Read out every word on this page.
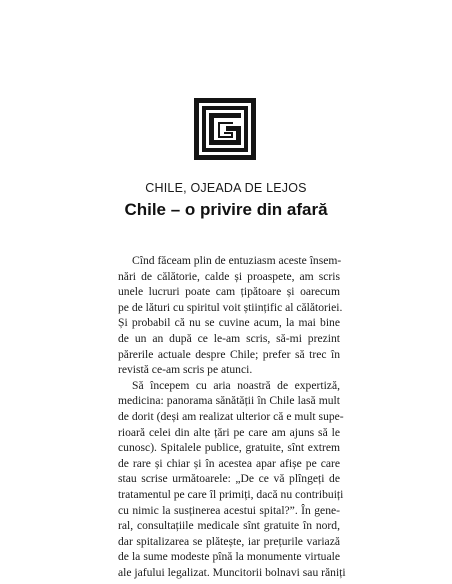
CHILE, OJEADA DE LEJOS
Chile – o privire din afară
Cînd făceam plin de entuziasm aceste însem-
nări de călătorie, calde și proaspete, am scris
unele lucruri poate cam țipătoare și oarecum
pe de lături cu spiritul voit științific al călătoriei.
Și probabil că nu se cuvine acum, la mai bine
de un an după ce le-am scris, să-mi prezint
părerile actuale despre Chile; prefer să trec în
revistă ce-am scris pe atunci.
Să începem cu aria noastră de expertiză,
medicina: panorama sănătății în Chile lasă mult
de dorit (deși am realizat ulterior că e mult supe-
rioară celei din alte țări pe care am ajuns să le
cunosc). Spitalele publice, gratuite, sînt extrem
de rare și chiar și în acestea apar afișe pe care
stau scrise următoarele: „De ce vă plîngeți de
tratamentul pe care îl primiți, dacă nu contribuiți
cu nimic la susținerea acestui spital?”. În gene-
ral, consultațiile medicale sînt gratuite în nord,
dar spitalizarea se plătește, iar prețurile variază
de la sume modeste pînă la monumente virtuale
ale jafului legalizat. Muncitorii bolnavi sau răniți
